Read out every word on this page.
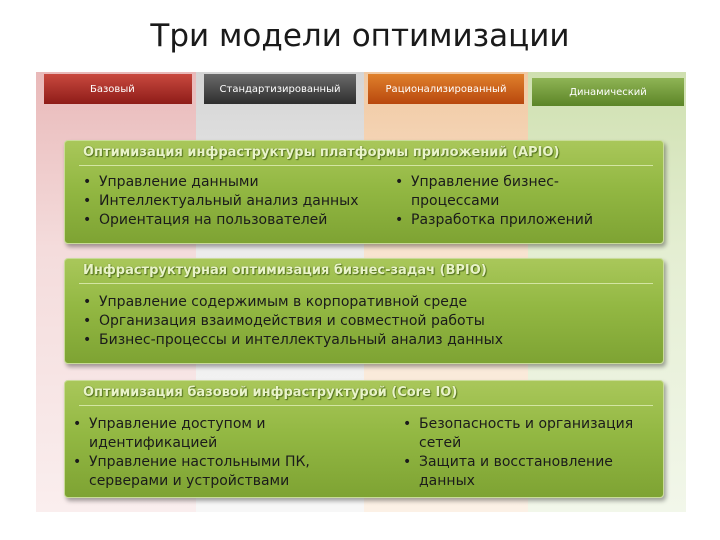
Три модели оптимизации
Базовый	Стандартизированный	Рационализированный	Динамический
Оптимизация инфраструктуры платформы приложений (APIO)
• Управление данными
• Интеллектуальный анализ данных
• Ориентация на пользователей
• Управление бизнес-процессами
• Разработка приложений
Инфраструктурная оптимизация бизнес-задач (BPIO)
• Управление содержимым в корпоративной среде
• Организация взаимодействия и совместной работы
• Бизнес-процессы и интеллектуальный анализ данных
Оптимизация базовой инфраструктурой (Core IO)
• Управление доступом и идентификацией
• Управление настольными ПК, серверами и устройствами
• Безопасность и организация сетей
• Защита и восстановление данных
